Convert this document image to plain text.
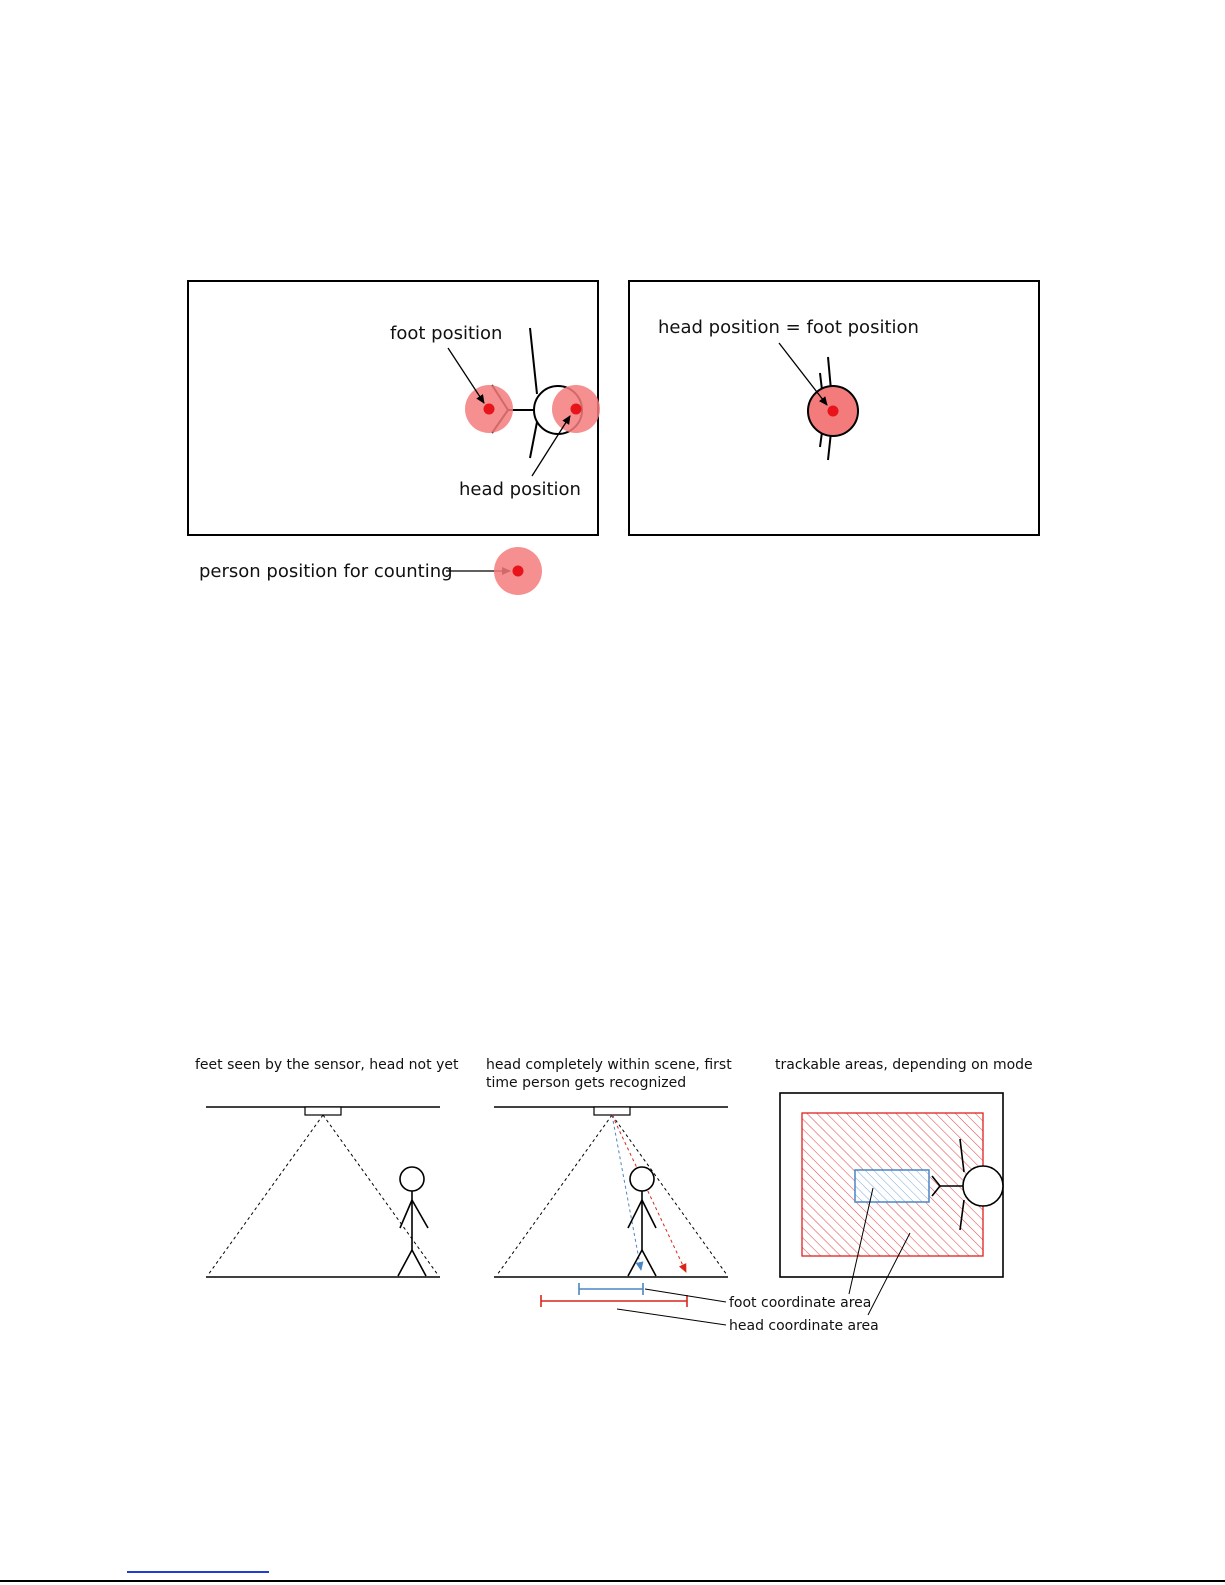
foot position
head position
head position = foot position
person position for counting
feet seen by the sensor, head not yet head completely within scene, first
time person gets recognized
trackable areas, depending on mode
foot coordinate area
head coordinate area
